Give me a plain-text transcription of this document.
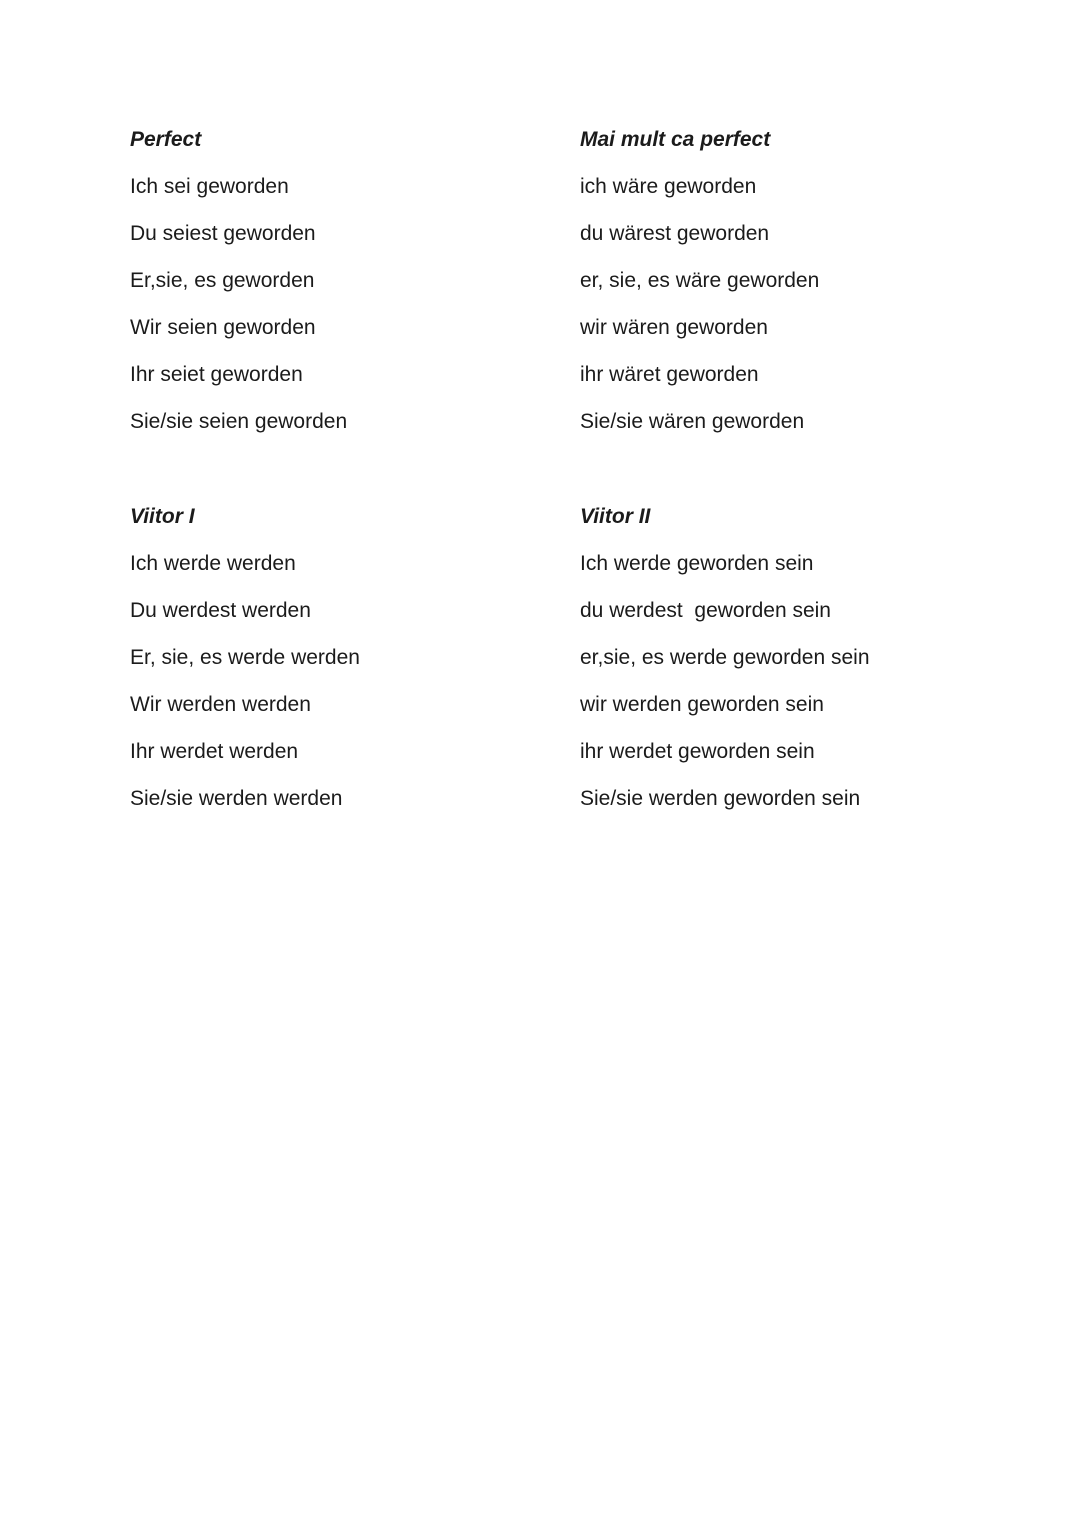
Perfect

Ich sei geworden

Du seiest geworden

Er,sie, es geworden

Wir seien geworden

Ihr seiet geworden

Sie/sie seien geworden

Mai mult ca perfect

ich wäre geworden

du wärest geworden

er, sie, es wäre geworden

wir wären geworden

ihr wäret geworden

Sie/sie wären geworden

Viitor I

Ich werde werden

Du werdest werden

Er, sie, es werde werden

Wir werden werden

Ihr werdet werden

Sie/sie werden werden

Viitor II

Ich werde geworden sein

du werdest  geworden sein

er,sie, es werde geworden sein

wir werden geworden sein

ihr werdet geworden sein

Sie/sie werden geworden sein
